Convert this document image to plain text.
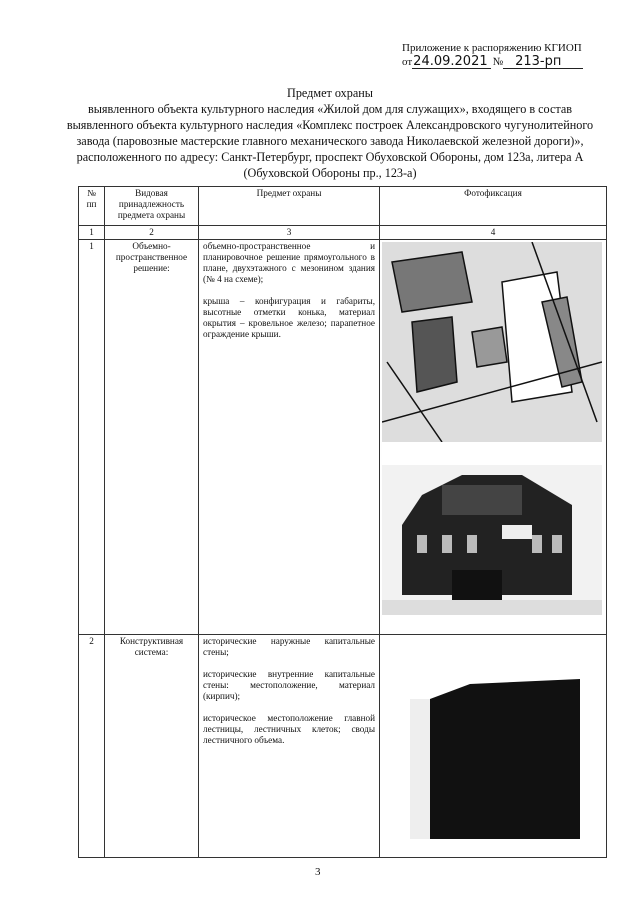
Приложение к распоряжению КГИОП
от24.09.2021 № 213-рп
Предмет охраны
выявленного объекта культурного наследия «Жилой дом для служащих», входящего в состав выявленного объекта культурного наследия «Комплекс построек Александровского чугунолитейного завода (паровозные мастерские главного механического завода Николаевской железной дороги)», расположенного по адресу: Санкт-Петербург, проспект Обуховской Обороны, дом 123а, литера А (Обуховской Обороны пр., 123-а)
№ пп	Видовая принадлежность предмета охраны	Предмет охраны	Фотофиксация
1	2	3	4
1	Объемно-пространственное решение:	объемно-пространственное и планировочное решение прямоугольного в плане, двухэтажного с мезонином здания (№ 4 на схеме);

крыша – конфигурация и габариты, высотные отметки конька, материал окрытия – кровельное железо; парапетное ограждение крыши.

2	Конструктивная система:	исторические наружные капитальные стены;

исторические внутренние капитальные стены: местоположение, материал (кирпич);

историческое местоположение главной лестницы, лестничных клеток; своды лестничного объема.

3
